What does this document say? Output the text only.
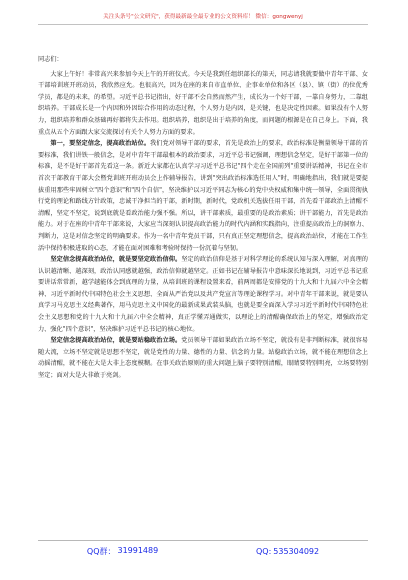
关注头条号"公文研究"，获得最新最全最专业的公文资料库！ 微信：gongwenyj
同志们：

大家上午好！非常高兴来参加今天上午的开班仪式。今天是我到任组织部长的第天，同志请我就要做中青年干部、女干部培训班开班动员，我欣然应允。也很高兴，因为在座的来自市直单位、企事业单位和各区（县）、镇（街）的位优秀学员，都是的未来，的希望。习近平总书记指出，好干部不会自然而然产生，成长为一个好干部，一靠自身努力，二靠组织培养。干部成长是一个内因和外因综合作用的动态过程，个人努力是内因，是关键，也是决定性因素。如果没有个人努力，组织培养和群众基础再好都将失去作用。组织培养，组织是出于培养的角度，而问题的根源是在自己身上。下面，我重点从五个方面跟大家交流探讨有关个人努力方面的要求。

第一，要坚定信念，提高政治站位。我们党对领导干部的要求，首先是政治上的要求，政治标准是衡量领导干部的首要标准，我们讲铁一般信念，是对中青年干部最根本的政治要求，习近平总书记强调，理想信念坚定，是好干部第一位的标准，是不是好干部首先看这一条。新近大家都在认真学习习近平总书记"四个走在全国前列"重要讲话精神，书记在全市首次干部教育干部大会暨党训班开班动员会上作辅导报告，讲到"突出政治标准选任用人"时，明确地指出，我们就是要提拔重用那些牢固树立"四个意识"和"四个自信"，坚决维护以习近平同志为核心的党中央权威和集中统一领导，全面贯彻执行党的理论和路线方针政策，忠诚干净担当的干部，新时期，新时代，党政机关选拔任用干部，首先看干部政治上清醒不清醒，坚定不坚定，说到底就是看政治能力强不强。所以，讲干部素质，最重要的是政治素质；讲干部能力，首先是政治能力。对于在座的中青年干部来说，大家应当深刻认识提高政治能力的时代内涵和实践指向，注重提高政治上的洞察力、判断力，这是对信念坚定的明确要求。作为一名中青年党员干部，只有真正坚定理想信念，提高政治站位，才能在工作生活中保持积极进取的心态，才能在面对困难和考验时保持一份沉着与坚韧。

坚定信念提高政治站位，就是要坚定政治信仰。坚定的政治信仰是基于对科学理论的系统认知与深入理解，对真理的认识越清晰、越深刻，政治认同感就越强，政治信仰就越坚定。正如书记在辅导报告中意味深长地说到，习近平总书记重要讲话常常新，越学越能体会到真理的力量，从培训班的课程设置来看，前两周都是安排党的十九大和十九届六中全会精神、习近平新时代中国特色社会主义思想、全面从严治党以及共产党宣言等理论课程学习。对中青年干部来说，就是要认真学习马克思主义经典著作，用马克思主义中国化的最新成果武装头脑，也就是要全面深入学习习近平新时代中国特色社会主义思想和党的十九大和十九届六中全会精神，真正学懂弄通做实，以理论上的清醒确保政治上的坚定，增强政治定力、强化"四个意识"，坚决维护习近平总书记的核心地位。

坚定信念提高政治站位，就是要站稳政治立场。党员领导干部如果政治立场不坚定，就没有是非判断标准，就很容易随大流，立场不坚定就是思想不坚定，就是党性的力量、德性的力量、信念的力量。站稳政治立场，就不能在理想信念上动摇清醒，就不能在大是大非上态度模糊。在事关政治原则的重大问题上脑子要特别清醒，眼睛要特别明亮，立场要特别坚定；面对大是大非敢于亮剑。

QQ群： 31991489	QQ: 535304092
